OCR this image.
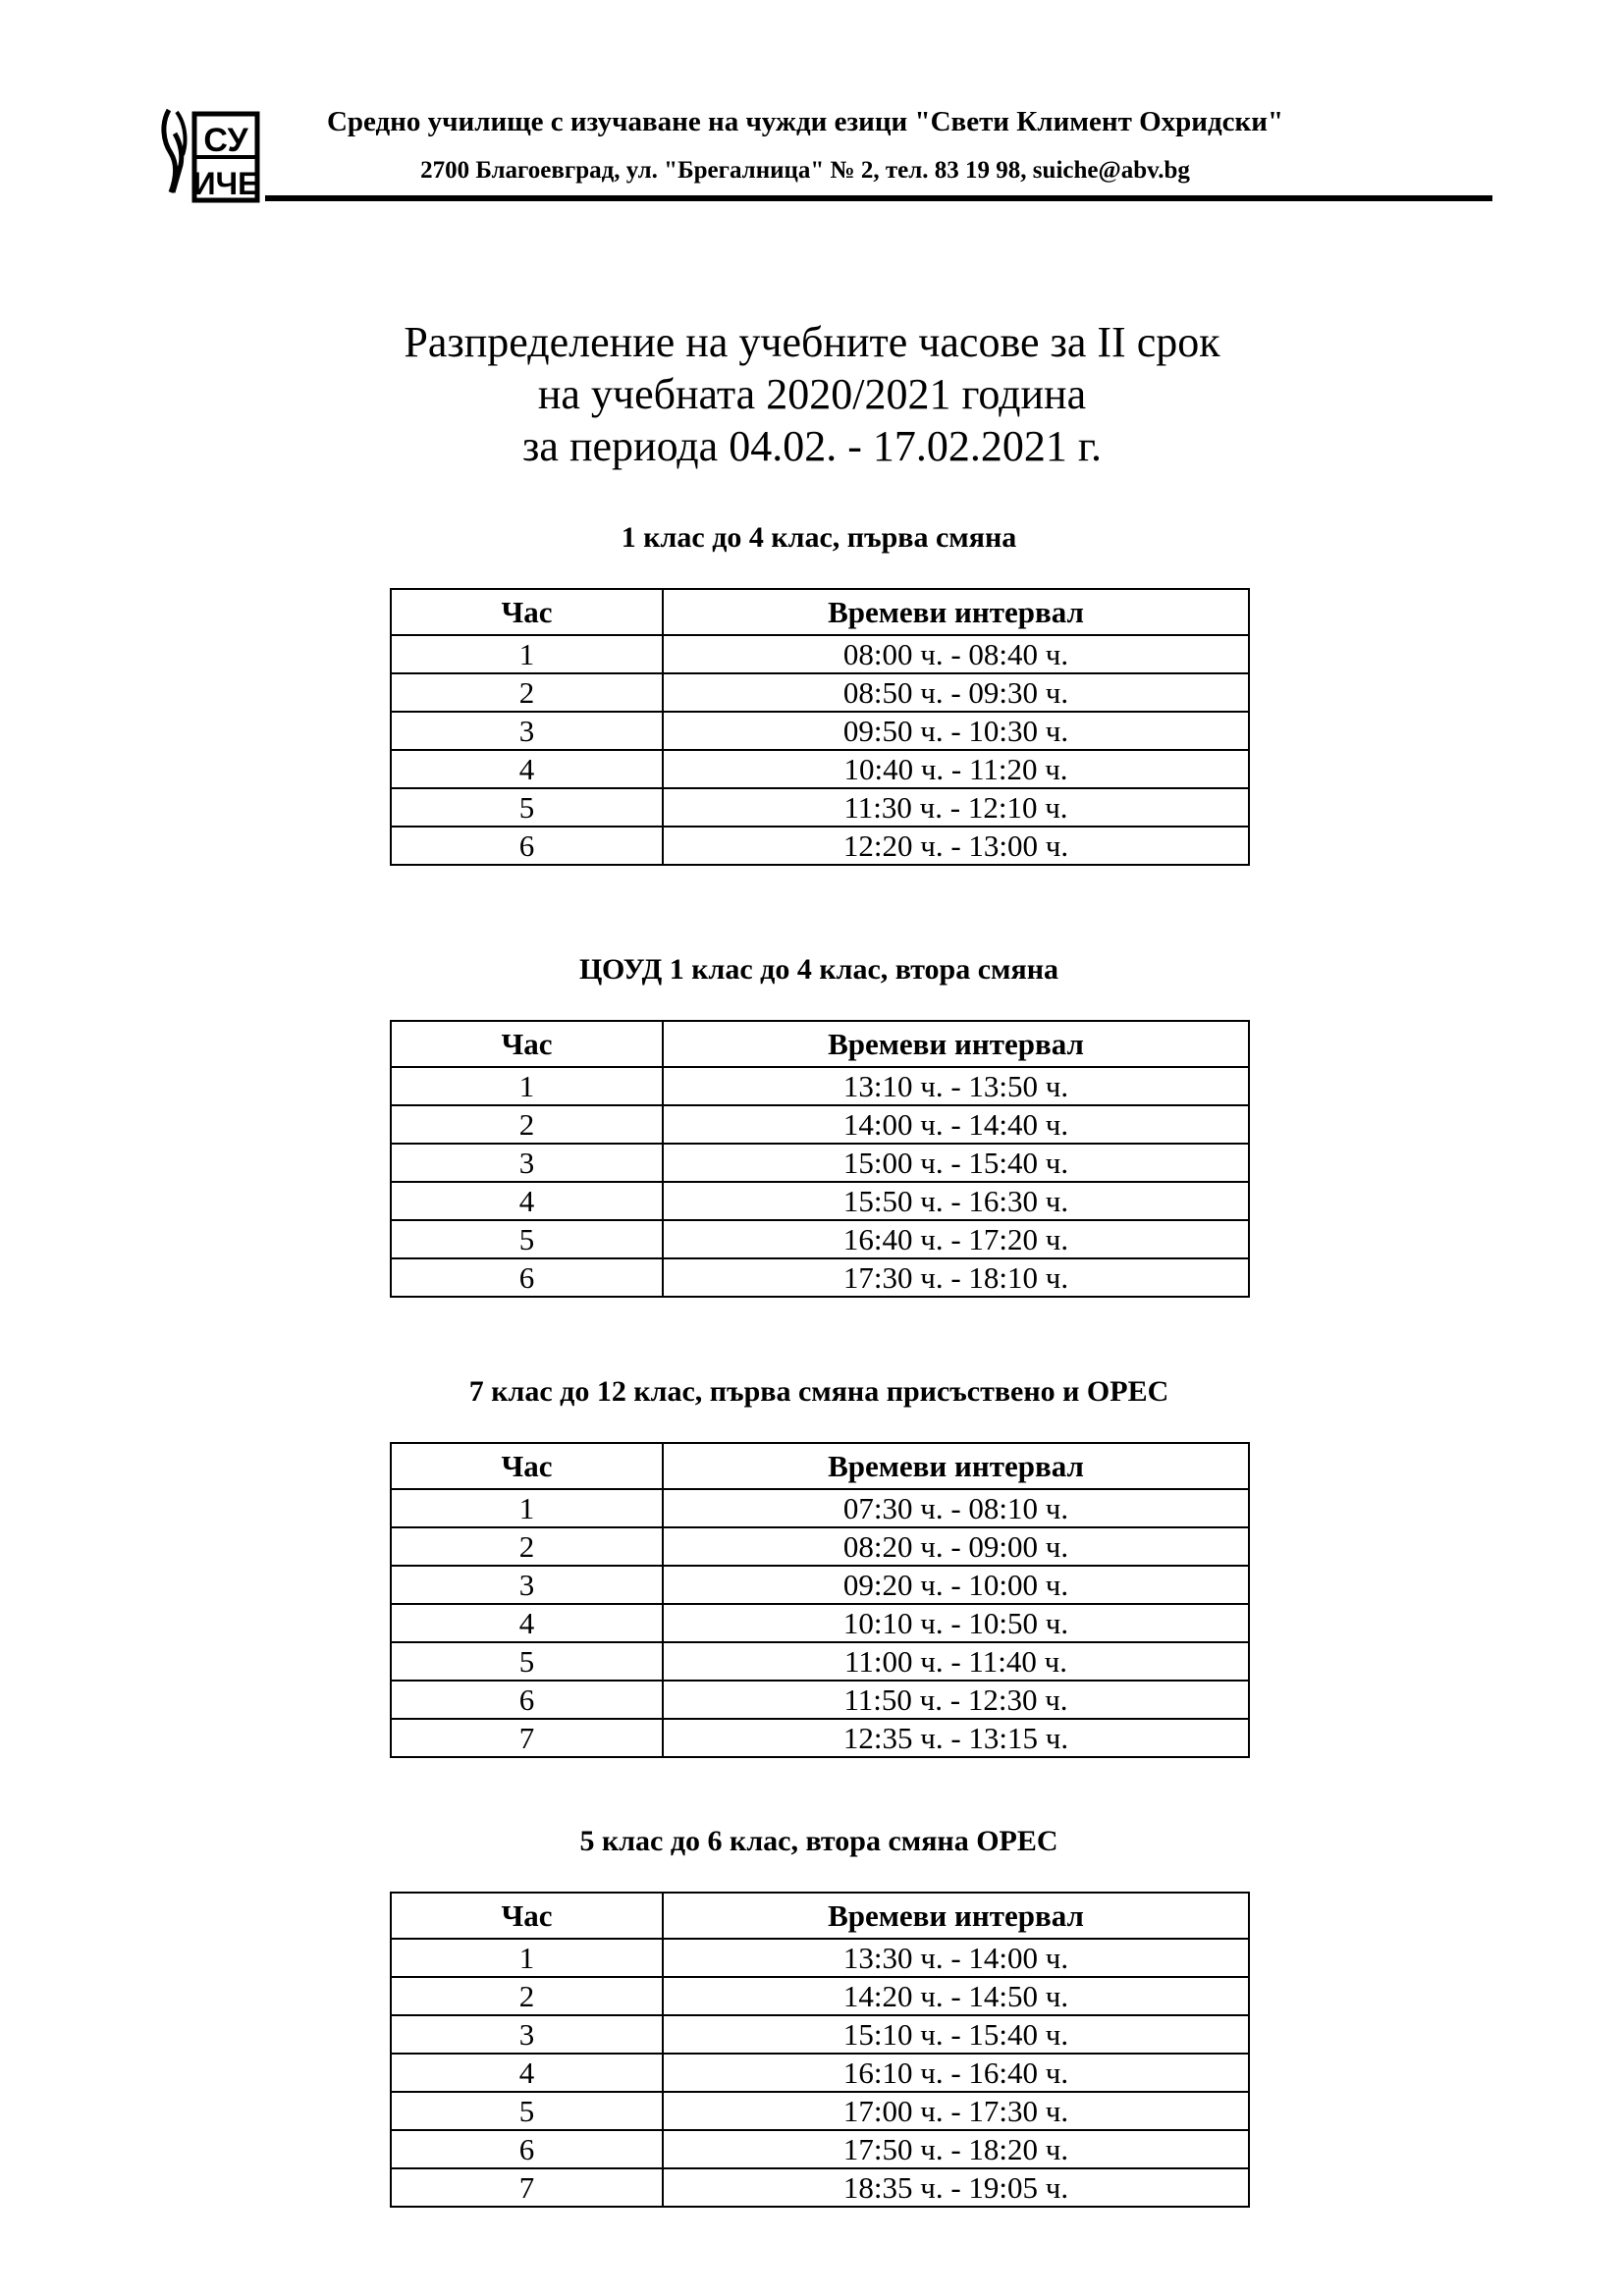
СУ
ИЧЕ
Средно училище с изучаване на чужди езици "Свети Климент Охридски"
2700 Благоевград, ул. "Брегалница" № 2, тел. 83 19 98, suiche@abv.bg
Разпределение на учебните часове за II срок
на учебната 2020/2021 година
за периода 04.02. - 17.02.2021 г.
1 клас до 4 клас, първа смяна
Час	Времеви интервал
1	08:00 ч. - 08:40 ч.
2	08:50 ч. - 09:30 ч.
3	09:50 ч. - 10:30 ч.
4	10:40 ч. - 11:20 ч.
5	11:30 ч. - 12:10 ч.
6	12:20 ч. - 13:00 ч.
ЦОУД 1 клас до 4 клас, втора смяна
Час	Времеви интервал
1	13:10 ч. - 13:50 ч.
2	14:00 ч. - 14:40 ч.
3	15:00 ч. - 15:40 ч.
4	15:50 ч. - 16:30 ч.
5	16:40 ч. - 17:20 ч.
6	17:30 ч. - 18:10 ч.
7 клас до 12 клас, първа смяна присъствено и ОРЕС
Час	Времеви интервал
1	07:30 ч. - 08:10 ч.
2	08:20 ч. - 09:00 ч.
3	09:20 ч. - 10:00 ч.
4	10:10 ч. - 10:50 ч.
5	11:00 ч. - 11:40 ч.
6	11:50 ч. - 12:30 ч.
7	12:35 ч. - 13:15 ч.
5 клас до 6 клас, втора смяна ОРЕС
Час	Времеви интервал
1	13:30 ч. - 14:00 ч.
2	14:20 ч. - 14:50 ч.
3	15:10 ч. - 15:40 ч.
4	16:10 ч. - 16:40 ч.
5	17:00 ч. - 17:30 ч.
6	17:50 ч. - 18:20 ч.
7	18:35 ч. - 19:05 ч.
